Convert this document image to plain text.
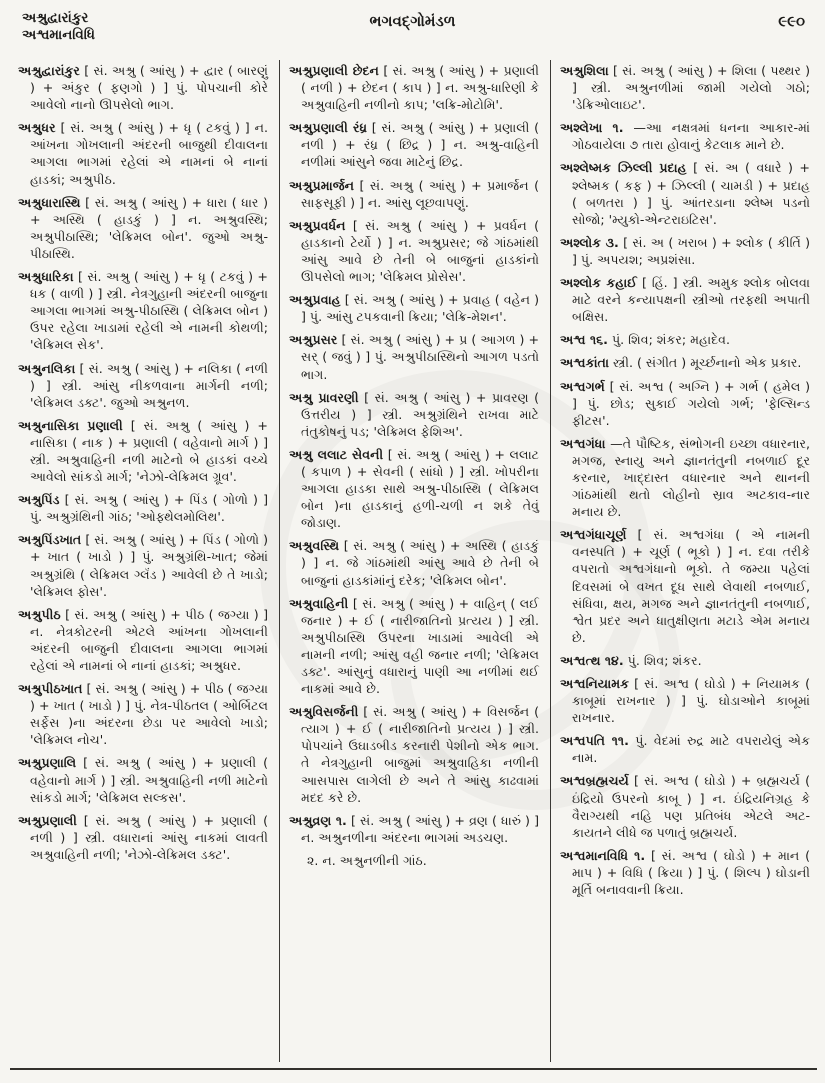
અશ્રુદ્વારાંકુર
અશ્વમાનવિધિ
ભગવદ્ગોમંડળ	૯૯૦

અશ્રુદ્વારાંકુર [ સં. અશ્રુ ( આંસુ ) + દ્વાર ( બારણું ) + અંકુર ( ફણગો ) ] પું. પોપચાની કોરે આવેલો નાનો ઊપસેલો ભાગ.

અશ્રુધર [ સં. અશ્રુ ( આંસુ ) + ધૃ ( ટકવું ) ] ન. આંખના ગોખલાની અંદરની બાજુથી દીવાલના આગલા ભાગમાં રહેલાં એ નામનાં બે નાનાં હાડકાં; અશ્રુપીઠ.

અશ્રુધારાસ્થિ [ સં. અશ્રુ ( આંસુ ) + ધારા ( ધાર ) + અસ્થિ ( હાડકું ) ] ન. અશ્રુવસ્થિ; અશ્રુપીઠાસ્થિ; 'લેક્રિમલ બોન'. જુઓ અશ્રુ-પીઠાસ્થિ.

અશ્રુધારિકા [ સં. અશ્રુ ( આંસુ ) + ધૃ ( ટકવું ) + ધક ( વાળી ) ] સ્ત્રી. નેત્રગુહાની અંદરની બાજુના આગલા ભાગમાં અશ્રુ-પીઠાસ્થિ ( લેક્રિમલ બોન ) ઉપર રહેલા ખાડામાં રહેલી એ નામની કોથળી; 'લેક્રિમલ સેક'.

અશ્રુનલિકા [ સં. અશ્રુ ( આંસુ ) + નલિકા ( નળી ) ] સ્ત્રી. આંસુ નીકળવાના માર્ગની નળી; 'લેક્રિમલ ડક્ટ'. જુઓ અશ્રુનળ.

અશ્રુનાસિકા પ્રણાલી [ સં. અશ્રુ ( આંસુ ) + નાસિકા ( નાક ) + પ્રણાલી ( વહેવાનો માર્ગ ) ] સ્ત્રી. અશ્રુવાહિની નળી માટેનો બે હાડકાં વચ્ચે આવેલો સાંકડો માર્ગ; 'નેઝો-લેક્રિમલ ગ્રૂવ'.

અશ્રુપિંડ [ સં. અશ્રુ ( આંસુ ) + પિંડ ( ગોળો ) ] પું. અશ્રુગ્રંથિની ગાંઠ; 'ઓફ્થેલમોલિથ'.

અશ્રુપિંડખાત [ સં. અશ્રુ ( આંસુ ) + પિંડ ( ગોળો ) + ખાત ( ખાડો ) ] પું. અશ્રુગ્રંથિ-ખાત; જેમાં અશ્રુગ્રંથિ ( લેક્રિમલ ગ્લૅંડ ) આવેલી છે તે ખાડો; 'લેક્રિમલ ફોસ'.

અશ્રુપીઠ [ સં. અશ્રુ ( આંસુ ) + પીઠ ( જગ્યા ) ] ન. નેત્રકોટરની એટલે આંખના ગોખલાની અંદરની બાજુની દીવાલના આગલા ભાગમાં રહેલાં એ નામનાં બે નાનાં હાડકાં; અશ્રુધર.

અશ્રુપીઠખાત [ સં. અશ્રુ ( આંસુ ) + પીઠ ( જગ્યા ) + ખાત ( ખાડો ) ] પું. નેત્ર-પીઠતલ ( ઓર્બિટલ સર્ફેસ )ના અંદરના છેડા પર આવેલો ખાડો; 'લેક્રિમલ નોચ'.

અશ્રુપ્રણાલિ [ સં. અશ્રુ ( આંસુ ) + પ્રણાલી ( વહેવાનો માર્ગ ) ] સ્ત્રી. અશ્રુવાહિની નળી માટેનો સાંકડો માર્ગ; 'લેક્રિમલ સલ્કસ'.

અશ્રુપ્રણાલી [ સં. અશ્રુ ( આંસુ ) + પ્રણાલી ( નળી ) ] સ્ત્રી. વધારાનાં આંસુ નાકમાં લાવતી અશ્રુવાહિની નળી; 'નેઝો-લેક્રિમલ ડક્ટ'.

અશ્રુપ્રણાલી છેદન [ સં. અશ્રુ ( આંસુ ) + પ્રણાલી ( નળી ) + છેદન ( કાપ ) ] ન. અશ્રુ-ધારિણી કે અશ્રુવાહિની નળીનો કાપ; 'લક્રિ-મોટોમિ'.

અશ્રુપ્રણાલી રંધ્ર [ સં. અશ્રુ ( આંસુ ) + પ્રણાલી ( નળી ) + રંધ્ર ( છિદ્ર ) ] ન. અશ્રુ-વાહિની નળીમાં આંસુને જવા માટેનું છિદ્ર.

અશ્રુપ્રમાર્જન [ સં. અશ્રુ ( આંસુ ) + પ્રમાર્જન ( સાફસૂફી ) ] ન. આંસુ લૂછવાપણું.

અશ્રુપ્રવર્ધન [ સં. અશ્રુ ( આંસુ ) + પ્રવર્ધન ( હાડકાનો ટેર્યો ) ] ન. અશ્રુપ્રસર; જે ગાંઠમાંથી આંસુ આવે છે તેની બે બાજુનાં હાડકાંનો ઊપસેલો ભાગ; 'લેક્રિમલ પ્રોસેસ'.

અશ્રુપ્રવાહ [ સં. અશ્રુ ( આંસુ ) + પ્રવાહ ( વહેન ) ] પું. આંસુ ટપકવાની ક્રિયા; 'લેક્રિ-મેશન'.

અશ્રુપ્રસર [ સં. અશ્રુ ( આંસુ ) + પ્ર ( આગળ ) + સર્ ( જવું ) ] પું. અશ્રુપીઠાસ્થિનો આગળ પડતો ભાગ.

અશ્રુ પ્રાવરણી [ સં. અશ્રુ ( આંસુ ) + પ્રાવરણ ( ઉત્તરીય ) ] સ્ત્રી. અશ્રુગ્રંથિને રાખવા માટે તંતુકોષનું પડ; 'લેક્રિમલ ફેશિઅ'.

અશ્રુ લલાટ સેવની [ સં. અશ્રુ ( આંસુ ) + લલાટ ( કપાળ ) + સેવની ( સાંધો ) ] સ્ત્રી. ખોપરીના આગલા હાડકા સાથે અશ્રુ-પીઠાસ્થિ ( લેક્રિમલ બોન )ના હાડકાનું હળી-ચળી ન શકે તેવું જોડાણ.

અશ્રુવસ્થિ [ સં. અશ્રુ ( આંસુ ) + અસ્થિ ( હાડકું ) ] ન. જે ગાંઠમાંથી આંસુ આવે છે તેની બે બાજુનાં હાડકાંમાંનું દરેક; 'લેક્રિમલ બોન'.

અશ્રુવાહિની [ સં. અશ્રુ ( આંસુ ) + વાહિન્ ( લઈ જનાર ) + ઈ ( નારીજાતિનો પ્રત્યય ) ] સ્ત્રી. અશ્રુપીઠાસ્થિ ઉપરના ખાડામાં આવેલી એ નામની નળી; આંસુ વહી જનાર નળી; 'લેક્રિમલ ડક્ટ'. આંસુનું વધારાનું પાણી આ નળીમાં થઈ નાકમાં આવે છે.

અશ્રુવિસર્જની [ સં. અશ્રુ ( આંસુ ) + વિસર્જન ( ત્યાગ ) + ઈ ( નારીજાતિનો પ્રત્યય ) ] સ્ત્રી. પોપચાંને ઉઘાડબીડ કરનારી પેશીનો એક ભાગ. તે નેત્રગુહાની બાજુમાં અશ્રુવાહિકા નળીની આસપાસ લાગેલી છે અને તે આંસુ કાઢવામાં મદદ કરે છે.

અશ્રુવ્રણ ૧. [ સં. અશ્રુ ( આંસુ ) + વ્રણ ( ધારું ) ] ન. અશ્રુનળીના અંદરના ભાગમાં અડચણ.

૨. ન. અશ્રુનળીની ગાંઠ.

અશ્રુશિલા [ સં. અશ્રુ ( આંસુ ) + શિલા ( પથ્થર ) ] સ્ત્રી. અશ્રુનળીમાં જામી ગયેલો ગઠો; 'ડેક્રિઓલાઇટ'.

અશ્લેખા ૧. —આ નક્ષત્રમાં ધનના આકાર-માં ગોઠવાયેલા ૭ તારા હોવાનું કેટલાક માને છે.

અશ્લેષ્મક ઝિલ્લી પ્રદાહ [ સં. અ ( વધારે ) + શ્લેષ્મક ( કફ ) + ઝિલ્લી ( ચામડી ) + પ્રદાહ ( બળતરા ) ] પું. આંતરડાના શ્લેષ્મ પડનો સોજો; 'મ્યુકો-એન્ટરાઇટિસ'.

અશ્લોક ૩. [ સં. અ ( ખરાબ ) + શ્લોક ( કીર્તિ ) ] પું. અપયશ; અપ્રશંસા.

અશ્લોક કહાઈ [ હિં. ] સ્ત્રી. અમુક શ્લોક બોલવા માટે વરને કન્યાપક્ષની સ્ત્રીઓ તરફથી અપાતી બક્ષિસ.

અશ્વ ૧૬. પું. શિવ; શંકર; મહાદેવ.

અશ્વકાંતા સ્ત્રી. ( સંગીત ) મૂર્ચ્છનાનો એક પ્રકાર.

અશ્વગર્ભ [ સં. અશ્વ ( અગ્નિ ) + ગર્ભ ( હમેલ ) ] પું. છોડ; સુકાઈ ગયેલો ગર્ભ; 'ફેલ્સિન્ડ ફીટસ'.

અશ્વગંધા —તે પૌષ્ટિક, સંભોગની ઇચ્છા વધારનાર, મગજ, સ્નાયુ અને જ્ઞાનતંતુની નબળાઈ દૂર કરનાર, ખાદ્દાસ્ત વધારનાર અને થાનની ગાંઠમાંથી થતો લોહીનો સ્રાવ અટકાવ-નાર મનાય છે.

અશ્વગંધાચૂર્ણ [ સં. અશ્વગંધા ( એ નામની વનસ્પતિ ) + ચૂર્ણ ( ભૂકો ) ] ન. દવા તરીકે વપરાતો અશ્વગંધાનો ભૂકો. તે જમ્યા પહેલાં દિવસમાં બે વખત દૂધ સાથે લેવાથી નબળાઈ, સંધિવા, ક્ષય, મગજ અને જ્ઞાનતંતુની નબળાઈ, શ્વેત પ્રદર અને ધાતુક્ષીણતા મટાડે એમ મનાય છે.

અશ્વત્થ ૧૪. પું. શિવ; શંકર.

અશ્વનિયામક [ સં. અશ્વ ( ઘોડો ) + નિયામક ( કાબૂમાં રાખનાર ) ] પું. ઘોડાઓને કાબૂમાં રાખનાર.

અશ્વપતિ ૧૧. પું. વેદમાં રુદ્ર માટે વપરાયેલું એક નામ.

અશ્વબ્રહ્મચર્ય [ સં. અશ્વ ( ઘોડો ) + બ્રહ્મચર્ય ( ઇંદ્રિયો ઉપરનો કાબૂ ) ] ન. ઇંદ્રિયનિગ્રહ કે વૈરાગ્યથી નહિ પણ પ્રતિબંધ એટલે અટ-કાયતને લીધે જ પળાતું બ્રહ્મચર્ય.

અશ્વમાનવિધિ ૧. [ સં. અશ્વ ( ઘોડો ) + માન ( માપ ) + વિધિ ( ક્રિયા ) ] પું. ( શિલ્પ ) ઘોડાની મૂર્તિ બનાવવાની ક્રિયા.
